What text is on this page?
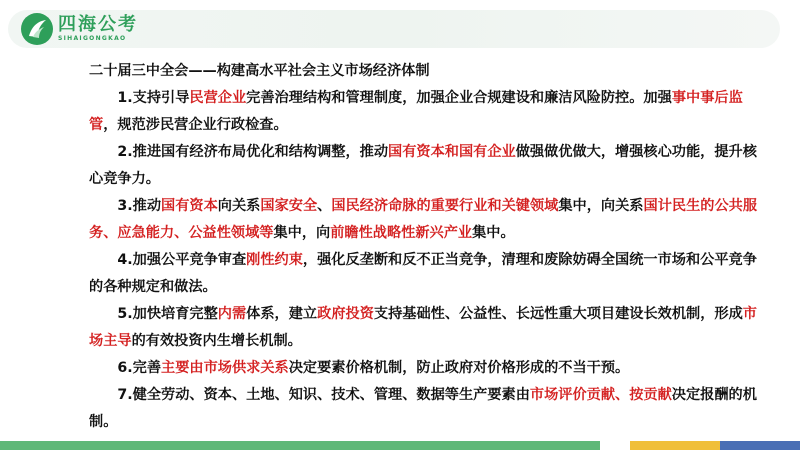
四海公考
SIHAIGONGKAO
二十届三中全会——构建高水平社会主义市场经济体制

1.支持引导民营企业完善治理结构和管理制度，加强企业合规建设和廉洁风险防控。加强事中事后监管，规范涉民营企业行政检查。

2.推进国有经济布局优化和结构调整，推动国有资本和国有企业做强做优做大，增强核心功能，提升核心竞争力。

3.推动国有资本向关系国家安全、国民经济命脉的重要行业和关键领域集中，向关系国计民生的公共服务、应急能力、公益性领域等集中，向前瞻性战略性新兴产业集中。

4.加强公平竞争审查刚性约束，强化反垄断和反不正当竞争，清理和废除妨碍全国统一市场和公平竞争的各种规定和做法。

5.加快培育完整内需体系，建立政府投资支持基础性、公益性、长远性重大项目建设长效机制，形成市场主导的有效投资内生增长机制。

6.完善主要由市场供求关系决定要素价格机制，防止政府对价格形成的不当干预。

7.健全劳动、资本、土地、知识、技术、管理、数据等生产要素由市场评价贡献、按贡献决定报酬的机制。
